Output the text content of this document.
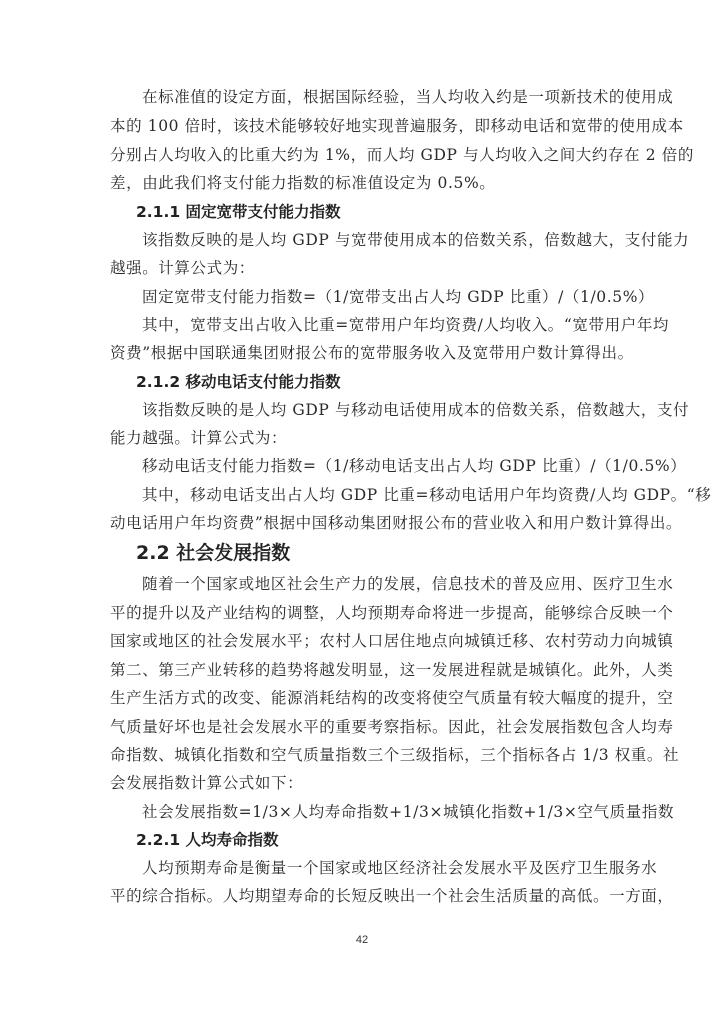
在标准值的设定方面，根据国际经验，当人均收入约是一项新技术的使用成
本的 100 倍时，该技术能够较好地实现普遍服务，即移动电话和宽带的使用成本
分别占人均收入的比重大约为 1%，而人均 GDP 与人均收入之间大约存在 2 倍的
差，由此我们将支付能力指数的标准值设定为 0.5%。
2.1.1 固定宽带支付能力指数
该指数反映的是人均 GDP 与宽带使用成本的倍数关系，倍数越大，支付能力
越强。计算公式为：
固定宽带支付能力指数=（1/宽带支出占人均 GDP 比重）/（1/0.5%）
其中，宽带支出占收入比重=宽带用户年均资费/人均收入。“宽带用户年均
资费”根据中国联通集团财报公布的宽带服务收入及宽带用户数计算得出。
2.1.2 移动电话支付能力指数
该指数反映的是人均 GDP 与移动电话使用成本的倍数关系，倍数越大，支付
能力越强。计算公式为：
移动电话支付能力指数=（1/移动电话支出占人均 GDP 比重）/（1/0.5%）
其中，移动电话支出占人均 GDP 比重=移动电话用户年均资费/人均 GDP。“移
动电话用户年均资费”根据中国移动集团财报公布的营业收入和用户数计算得出。
2.2 社会发展指数
随着一个国家或地区社会生产力的发展，信息技术的普及应用、医疗卫生水
平的提升以及产业结构的调整，人均预期寿命将进一步提高，能够综合反映一个
国家或地区的社会发展水平；农村人口居住地点向城镇迁移、农村劳动力向城镇
第二、第三产业转移的趋势将越发明显，这一发展进程就是城镇化。此外，人类
生产生活方式的改变、能源消耗结构的改变将使空气质量有较大幅度的提升，空
气质量好坏也是社会发展水平的重要考察指标。因此，社会发展指数包含人均寿
命指数、城镇化指数和空气质量指数三个三级指标，三个指标各占 1/3 权重。社
会发展指数计算公式如下：
社会发展指数=1/3×人均寿命指数+1/3×城镇化指数+1/3×空气质量指数
2.2.1 人均寿命指数
人均预期寿命是衡量一个国家或地区经济社会发展水平及医疗卫生服务水
平的综合指标。人均期望寿命的长短反映出一个社会生活质量的高低。一方面，
42
